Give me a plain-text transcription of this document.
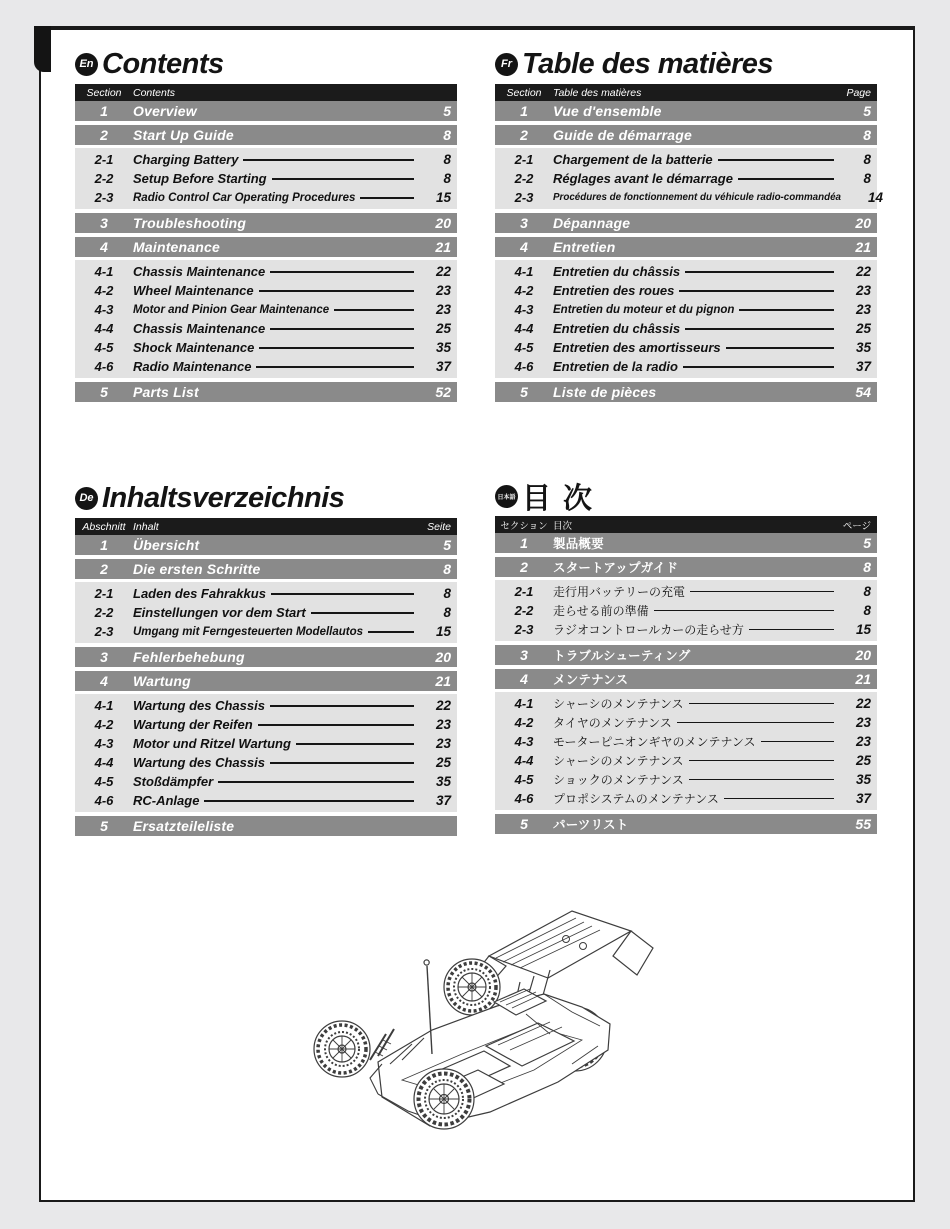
En Contents
Section	Contents
1	Overview	5
2	Start Up Guide	8
2-1	Charging Battery	8
2-2	Setup Before Starting	8
2-3	Radio Control Car Operating Procedures	15
3	Troubleshooting	20
4	Maintenance	21
4-1	Chassis Maintenance	22
4-2	Wheel Maintenance	23
4-3	Motor and Pinion Gear Maintenance	23
4-4	Chassis Maintenance	25
4-5	Shock Maintenance	35
4-6	Radio Maintenance	37
5	Parts List	52
Fr Table des matières
Section	Table des matières	Page
1	Vue d'ensemble	5
2	Guide de démarrage	8
2-1	Chargement de la batterie	8
2-2	Réglages avant le démarrage	8
2-3	Procédures de fonctionnement du véhicule radio-commandéa	14
3	Dépannage	20
4	Entretien	21
4-1	Entretien du châssis	22
4-2	Entretien des roues	23
4-3	Entretien du moteur et du pignon	23
4-4	Entretien du châssis	25
4-5	Entretien des amortisseurs	35
4-6	Entretien de la radio	37
5	Liste de pièces	54
De Inhaltsverzeichnis
Abschnitt Inhalt	Seite
1	Übersicht	5
2	Die ersten Schritte	8
2-1	Laden des Fahrakkus	8
2-2	Einstellungen vor dem Start	8
2-3	Umgang mit Ferngesteuerten Modellautos	15
3	Fehlerbehebung	20
4	Wartung	21
4-1	Wartung des Chassis	22
4-2	Wartung der Reifen	23
4-3	Motor und Ritzel Wartung	23
4-4	Wartung des Chassis	25
4-5	Stoßdämpfer	35
4-6	RC-Anlage	37
5	Ersatzteileliste
日本語 目 次
セクション 目次	ページ
1	製品概要	5
2	スタートアップガイド	8
2-1	走行用バッテリーの充電	8
2-2	走らせる前の準備	8
2-3	ラジオコントロールカーの走らせ方	15
3	トラブルシューティング	20
4	メンテナンス	21
4-1	シャーシのメンテナンス	22
4-2	タイヤのメンテナンス	23
4-3	モーターピニオンギヤのメンテナンス	23
4-4	シャーシのメンテナンス	25
4-5	ショックのメンテナンス	35
4-6	プロポシステムのメンテナンス	37
5	パーツリスト	55
